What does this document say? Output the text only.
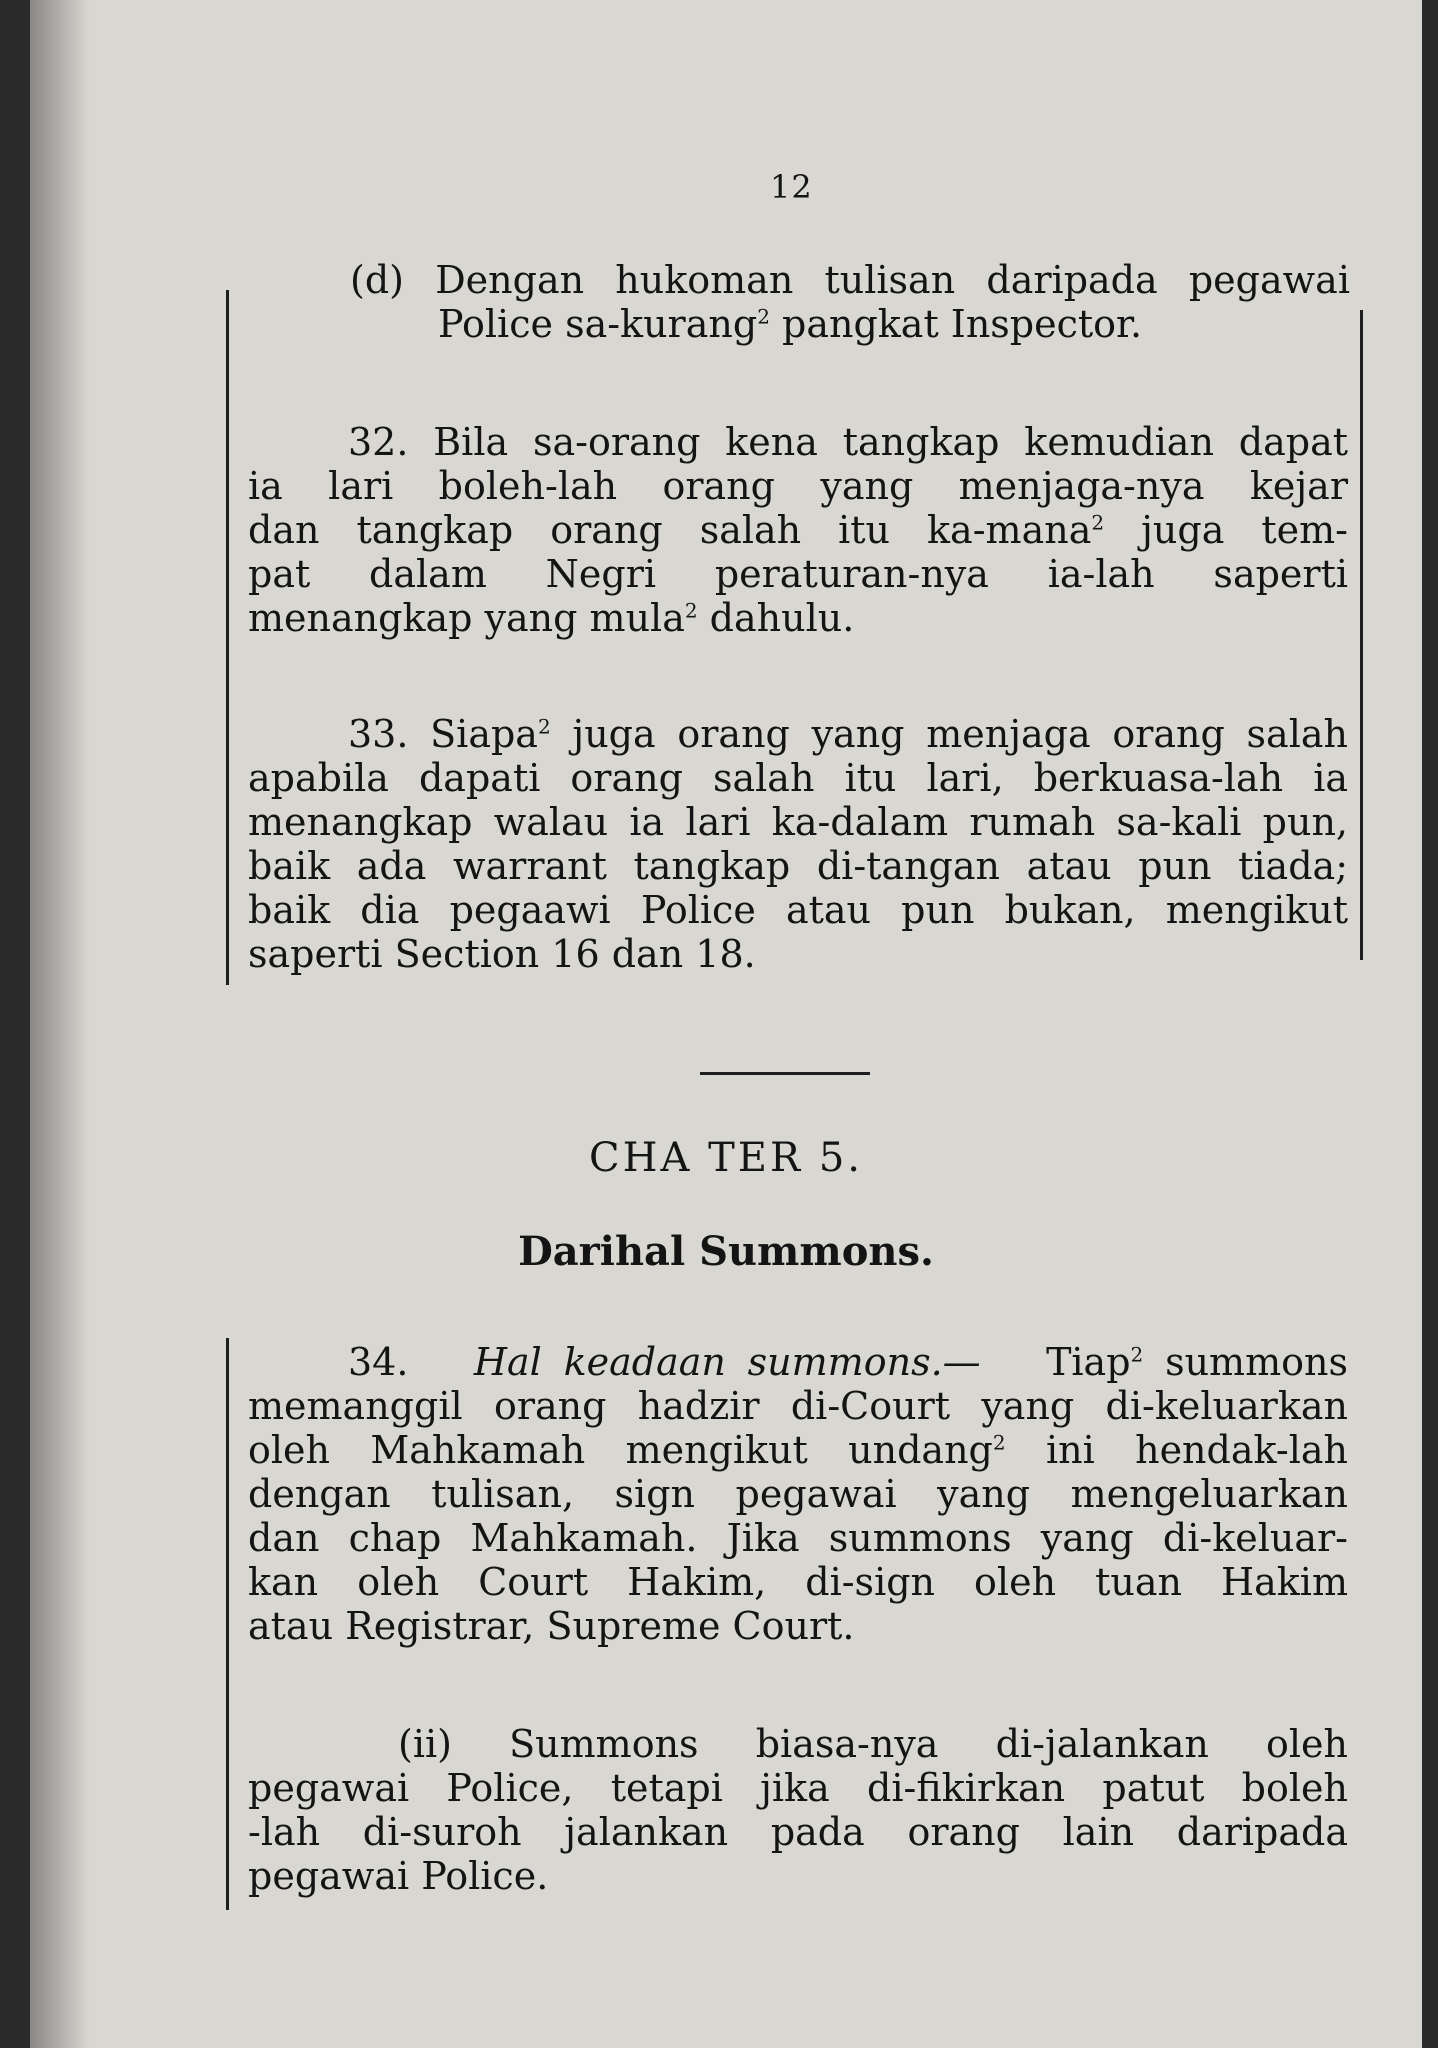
12

(d) Dengan hukoman tulisan daripada pegawai

Police sa-kurang$^2$ pangkat Inspector.

32. Bila sa-orang kena tangkap kemudian dapat

ia lari boleh-lah orang yang menjaga-nya kejar

dan tangkap orang salah itu ka-mana$^2$ juga tem-

pat dalam Negri peraturan-nya ia-lah saperti

menangkap yang mula$^2$ dahulu.

33. Siapa$^2$ juga orang yang menjaga orang salah

apabila dapati orang salah itu lari, berkuasa-lah ia

menangkap walau ia lari ka-dalam rumah sa-kali pun,

baik ada warrant tangkap di-tangan atau pun tiada;

baik dia pegaawi Police atau pun bukan, mengikut

saperti Section 16 dan 18.

CHA TER 5.
Darihal Summons.

34. Hal keadaan summons.— Tiap$^2$ summons

memanggil orang hadzir di-Court yang di-keluarkan

oleh Mahkamah mengikut undang$^2$ ini hendak-lah

dengan tulisan, sign pegawai yang mengeluarkan

dan chap Mahkamah. Jika summons yang di-keluar-

kan oleh Court Hakim, di-sign oleh tuan Hakim

atau Registrar, Supreme Court.

(ii) Summons biasa-nya di-jalankan oleh

pegawai Police, tetapi jika di-fikirkan patut boleh

-lah di-suroh jalankan pada orang lain daripada

pegawai Police.
